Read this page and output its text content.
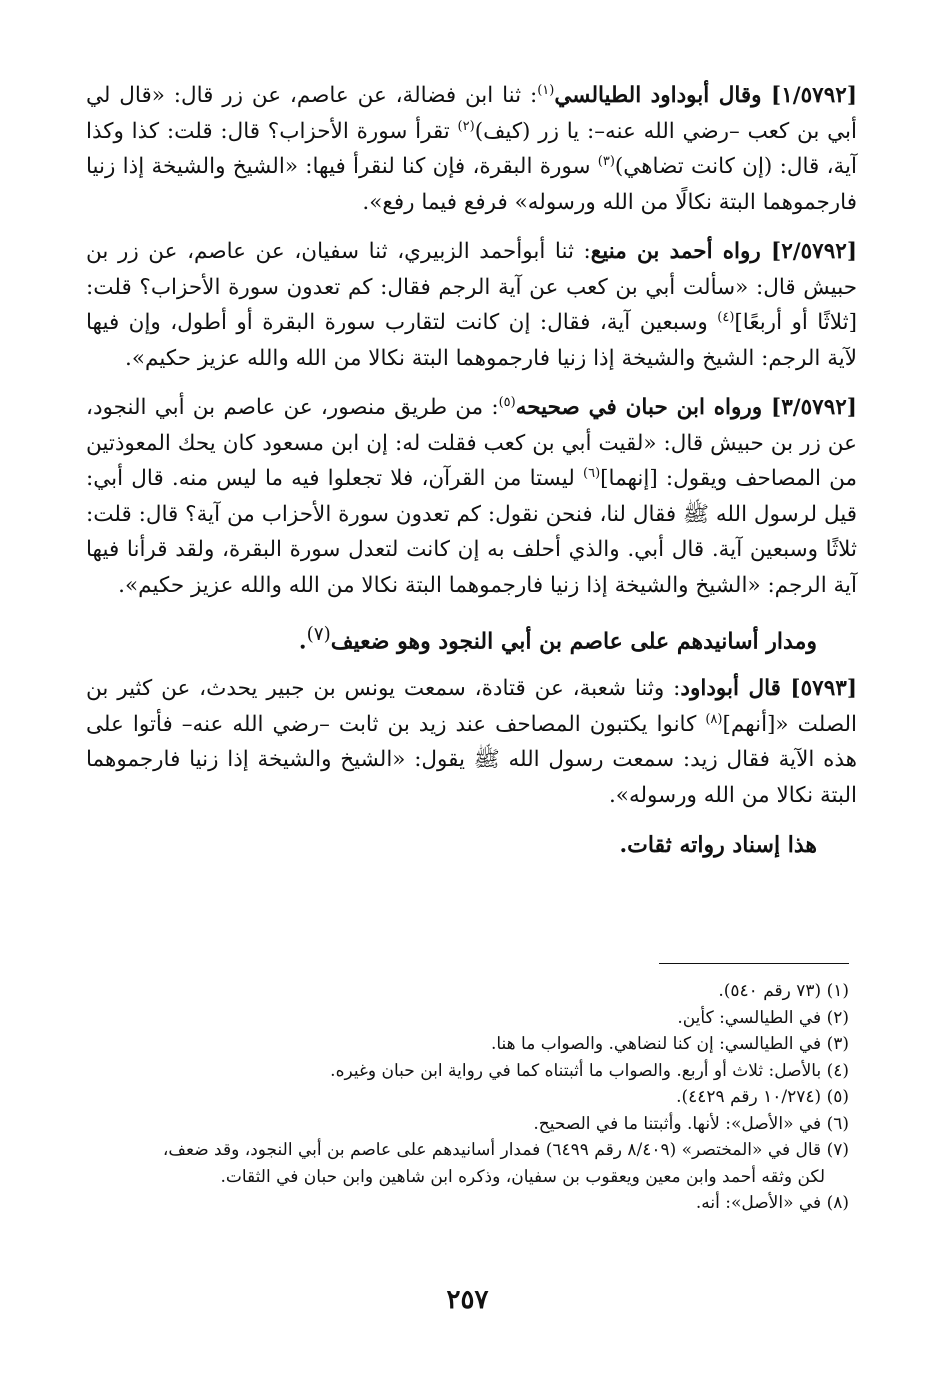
[١/٥٧٩٢] وقال أبوداود الطيالسي$^{(١)}$: ثنا ابن فضالة، عن عاصم، عن زر قال: «قال لي أبي بن كعب –رضي الله عنه–: يا زر (كيف)$^{(٢)}$ تقرأ سورة الأحزاب؟ قال: قلت: كذا وكذا آية، قال: (إن كانت تضاهي)$^{(٣)}$ سورة البقرة، فإن كنا لنقرأ فيها: «الشيخ والشيخة إذا زنيا فارجموهما البتة نكالًا من الله ورسوله» فرفع فيما رفع».

[٢/٥٧٩٢] رواه أحمد بن منيع: ثنا أبوأحمد الزبيري، ثنا سفيان، عن عاصم، عن زر بن حبيش قال: «سألت أبي بن كعب عن آية الرجم فقال: كم تعدون سورة الأحزاب؟ قلت: [ثلاثًا أو أربعًا]$^{(٤)}$ وسبعين آية، فقال: إن كانت لتقارب سورة البقرة أو أطول، وإن فيها لآية الرجم: الشيخ والشيخة إذا زنيا فارجموهما البتة نكالا من الله والله عزيز حكيم».

[٣/٥٧٩٢] ورواه ابن حبان في صحيحه$^{(٥)}$: من طريق منصور، عن عاصم بن أبي النجود، عن زر بن حبيش قال: «لقيت أبي بن كعب فقلت له: إن ابن مسعود كان يحك المعوذتين من المصاحف ويقول: [إنهما]$^{(٦)}$ ليستا من القرآن، فلا تجعلوا فيه ما ليس منه. قال أبي: قيل لرسول الله ﷺ فقال لنا، فنحن نقول: كم تعدون سورة الأحزاب من آية؟ قال: قلت: ثلاثًا وسبعين آية. قال أبي. والذي أحلف به إن كانت لتعدل سورة البقرة، ولقد قرأنا فيها آية الرجم: «الشيخ والشيخة إذا زنيا فارجموهما البتة نكالا من الله والله عزيز حكيم».

ومدار أسانيدهم على عاصم بن أبي النجود وهو ضعيف$^{(٧)}$.

[٥٧٩٣] قال أبوداود: وثنا شعبة، عن قتادة، سمعت يونس بن جبير يحدث، عن كثير بن الصلت «[أنهم]$^{(٨)}$ كانوا يكتبون المصاحف عند زيد بن ثابت –رضي الله عنه– فأتوا على هذه الآية فقال زيد: سمعت رسول الله ﷺ يقول: «الشيخ والشيخة إذا زنيا فارجموهما البتة نكالا من الله ورسوله».

هذا إسناد رواته ثقات.

(١) (٧٣ رقم ٥٤٠).

(٢) في الطيالسي: كأين.

(٣) في الطيالسي: إن كنا لنضاهي. والصواب ما هنا.

(٤) بالأصل: ثلاث أو أربع. والصواب ما أثبتناه كما في رواية ابن حبان وغيره.

(٥) (١٠/٢٧٤ رقم ٤٤٢٩).

(٦) في «الأصل»: لأنها. وأثبتنا ما في الصحيح.

(٧) قال في «المختصر» (٨/٤٠٩ رقم ٦٤٩٩) فمدار أسانيدهم على عاصم بن أبي النجود، وقد ضعف،

لكن وثقه أحمد وابن معين ويعقوب بن سفيان، وذكره ابن شاهين وابن حبان في الثقات.

(٨) في «الأصل»: أنه.

٢٥٧
